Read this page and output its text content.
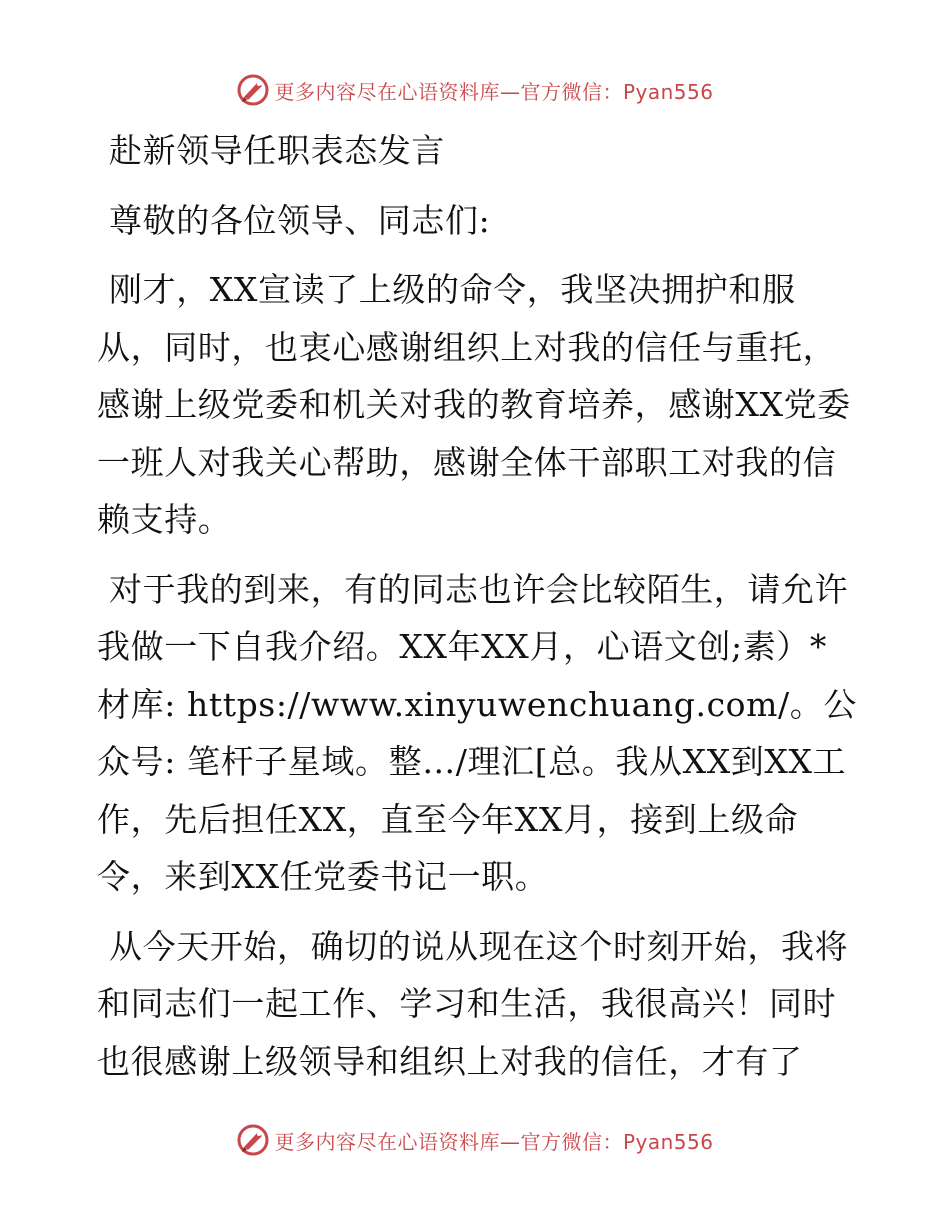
更多内容尽在心语资料库—官方微信：Pyan556

赴新领导任职表态发言

尊敬的各位领导、同志们:

刚才，XX宣读了上级的命令，我坚决拥护和服从，同时，也衷心感谢组织上对我的信任与重托，感谢上级党委和机关对我的教育培养，感谢XX党委一班人对我关心帮助，感谢全体干部职工对我的信赖支持。

对于我的到来，有的同志也许会比较陌生，请允许我做一下自我介绍。XX年XX月，心语文创;素）*材库: https://www.xinyuwenchuang.com/。公众号: 笔杆子星域。整…/理汇[总。我从XX到XX工作，先后担任XX，直至今年XX月，接到上级命令，来到XX任党委书记一职。

从今天开始，确切的说从现在这个时刻开始，我将和同志们一起工作、学习和生活，我很高兴！同时也很感谢上级领导和组织上对我的信任，才有了

更多内容尽在心语资料库—官方微信：Pyan556
